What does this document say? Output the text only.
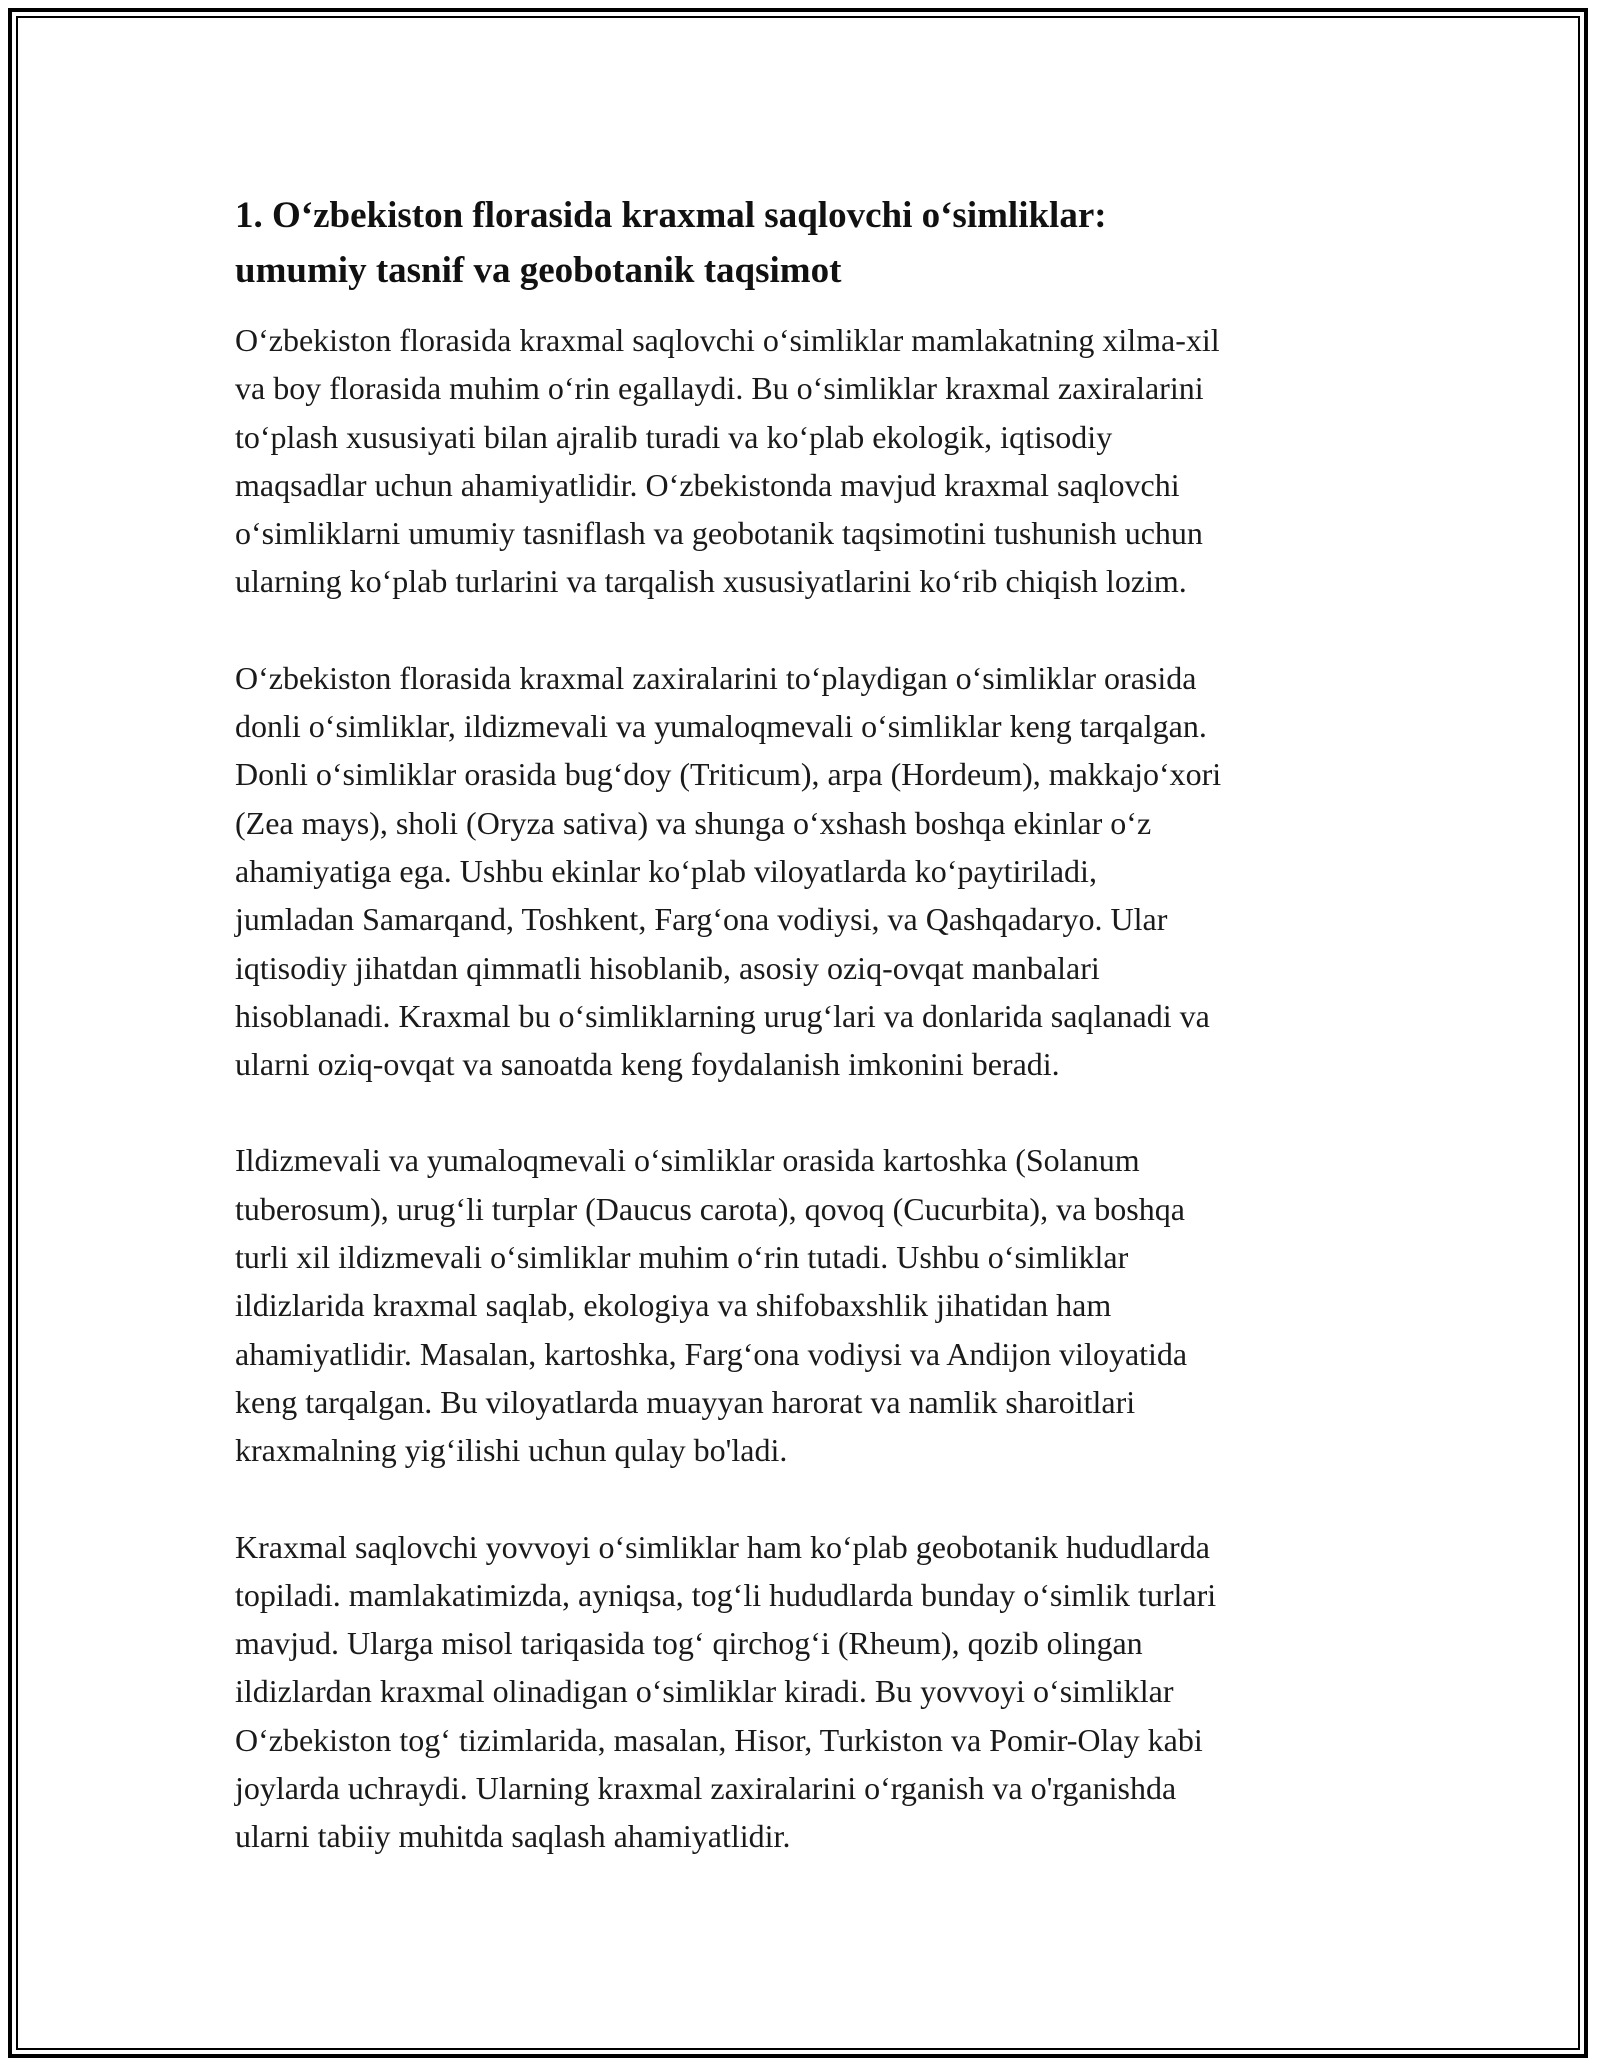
1. Oʻzbekiston florasida kraxmal saqlovchi oʻsimliklar:
umumiy tasnif va geobotanik taqsimot

Oʻzbekiston florasida kraxmal saqlovchi oʻsimliklar mamlakatning xilma-xil
va boy florasida muhim oʻrin egallaydi. Bu oʻsimliklar kraxmal zaxiralarini
toʻplash xususiyati bilan ajralib turadi va koʻplab ekologik, iqtisodiy
maqsadlar uchun ahamiyatlidir. Oʻzbekistonda mavjud kraxmal saqlovchi
oʻsimliklarni umumiy tasniflash va geobotanik taqsimotini tushunish uchun
ularning koʻplab turlarini va tarqalish xususiyatlarini koʻrib chiqish lozim.

Oʻzbekiston florasida kraxmal zaxiralarini toʻplaydigan oʻsimliklar orasida
donli oʻsimliklar, ildizmevali va yumaloqmevali oʻsimliklar keng tarqalgan.
Donli oʻsimliklar orasida bugʻdoy (Triticum), arpa (Hordeum), makkajoʻxori
(Zea mays), sholi (Oryza sativa) va shunga oʻxshash boshqa ekinlar oʻz
ahamiyatiga ega. Ushbu ekinlar koʻplab viloyatlarda koʻpaytiriladi,
jumladan Samarqand, Toshkent, Fargʻona vodiysi, va Qashqadaryo. Ular
iqtisodiy jihatdan qimmatli hisoblanib, asosiy oziq-ovqat manbalari
hisoblanadi. Kraxmal bu oʻsimliklarning urugʻlari va donlarida saqlanadi va
ularni oziq-ovqat va sanoatda keng foydalanish imkonini beradi.

Ildizmevali va yumaloqmevali oʻsimliklar orasida kartoshka (Solanum
tuberosum), urugʻli turplar (Daucus carota), qovoq (Cucurbita), va boshqa
turli xil ildizmevali oʻsimliklar muhim oʻrin tutadi. Ushbu oʻsimliklar
ildizlarida kraxmal saqlab, ekologiya va shifobaxshlik jihatidan ham
ahamiyatlidir. Masalan, kartoshka, Fargʻona vodiysi va Andijon viloyatida
keng tarqalgan. Bu viloyatlarda muayyan harorat va namlik sharoitlari
kraxmalning yigʻilishi uchun qulay bo'ladi.

Kraxmal saqlovchi yovvoyi oʻsimliklar ham koʻplab geobotanik hududlarda
topiladi. mamlakatimizda, ayniqsa, togʻli hududlarda bunday oʻsimlik turlari
mavjud. Ularga misol tariqasida togʻ qirchogʻi (Rheum), qozib olingan
ildizlardan kraxmal olinadigan oʻsimliklar kiradi. Bu yovvoyi oʻsimliklar
Oʻzbekiston togʻ tizimlarida, masalan, Hisor, Turkiston va Pomir-Olay kabi
joylarda uchraydi. Ularning kraxmal zaxiralarini oʻrganish va o'rganishda
ularni tabiiy muhitda saqlash ahamiyatlidir.
